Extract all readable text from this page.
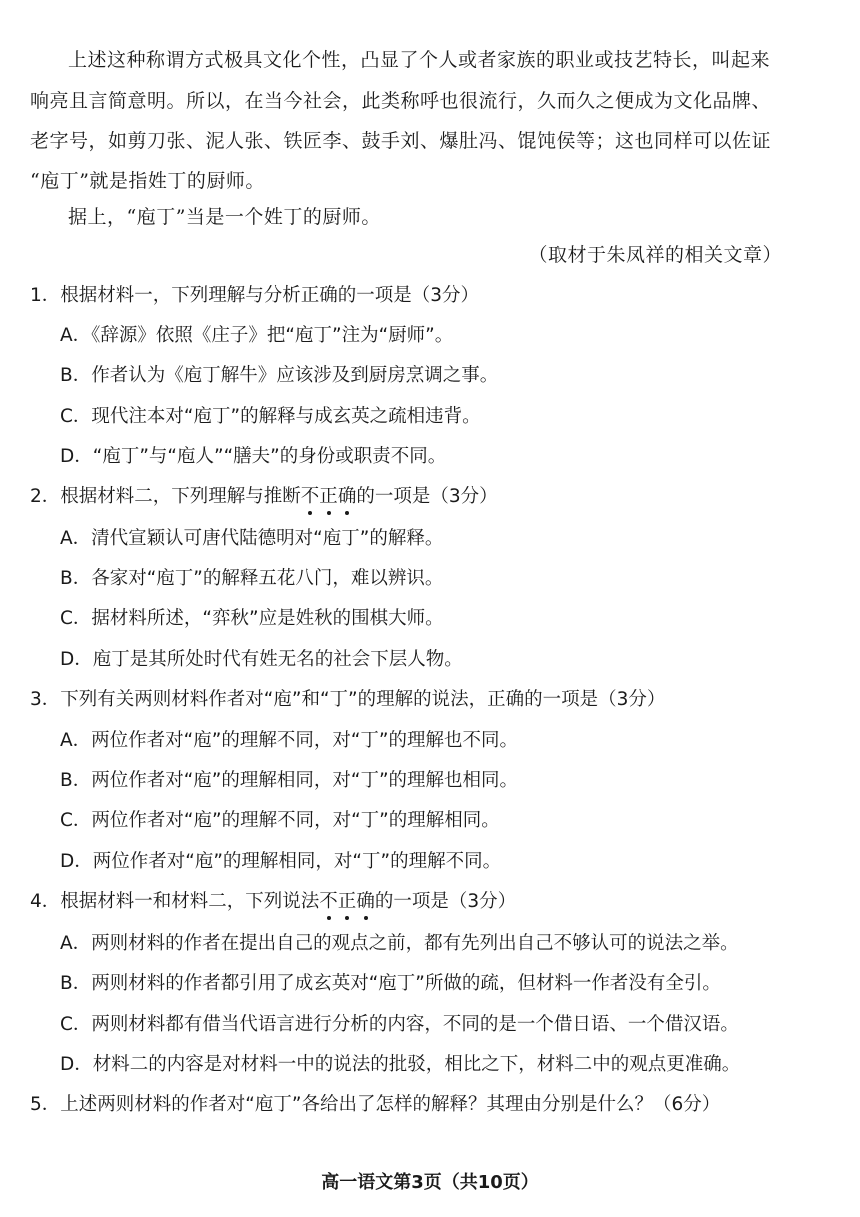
上述这种称谓方式极具文化个性，凸显了个人或者家族的职业或技艺特长，叫起来
响亮且言简意明。所以，在当今社会，此类称呼也很流行，久而久之便成为文化品牌、
老字号，如剪刀张、泥人张、铁匠李、鼓手刘、爆肚冯、馄饨侯等；这也同样可以佐证
“庖丁”就是指姓丁的厨师。
据上，“庖丁”当是一个姓丁的厨师。
（取材于朱凤祥的相关文章）
1．根据材料一，下列理解与分析正确的一项是（3分）
A．《辞源》依照《庄子》把“庖丁”注为“厨师”。
B．作者认为《庖丁解牛》应该涉及到厨房烹调之事。
C．现代注本对“庖丁”的解释与成玄英之疏相违背。
D．“庖丁”与“庖人”“膳夫”的身份或职责不同。
2．根据材料二，下列理解与推断不正确的一项是（3分）
A．清代宣颖认可唐代陆德明对“庖丁”的解释。
B．各家对“庖丁”的解释五花八门，难以辨识。
C．据材料所述，“弈秋”应是姓秋的围棋大师。
D．庖丁是其所处时代有姓无名的社会下层人物。
3．下列有关两则材料作者对“庖”和“丁”的理解的说法，正确的一项是（3分）
A．两位作者对“庖”的理解不同，对“丁”的理解也不同。
B．两位作者对“庖”的理解相同，对“丁”的理解也相同。
C．两位作者对“庖”的理解不同，对“丁”的理解相同。
D．两位作者对“庖”的理解相同，对“丁”的理解不同。
4．根据材料一和材料二，下列说法不正确的一项是（3分）
A．两则材料的作者在提出自己的观点之前，都有先列出自己不够认可的说法之举。
B．两则材料的作者都引用了成玄英对“庖丁”所做的疏，但材料一作者没有全引。
C．两则材料都有借当代语言进行分析的内容，不同的是一个借日语、一个借汉语。
D．材料二的内容是对材料一中的说法的批驳，相比之下，材料二中的观点更准确。
5．上述两则材料的作者对“庖丁”各给出了怎样的解释？其理由分别是什么？（6分）
高一语文第3页（共10页）
